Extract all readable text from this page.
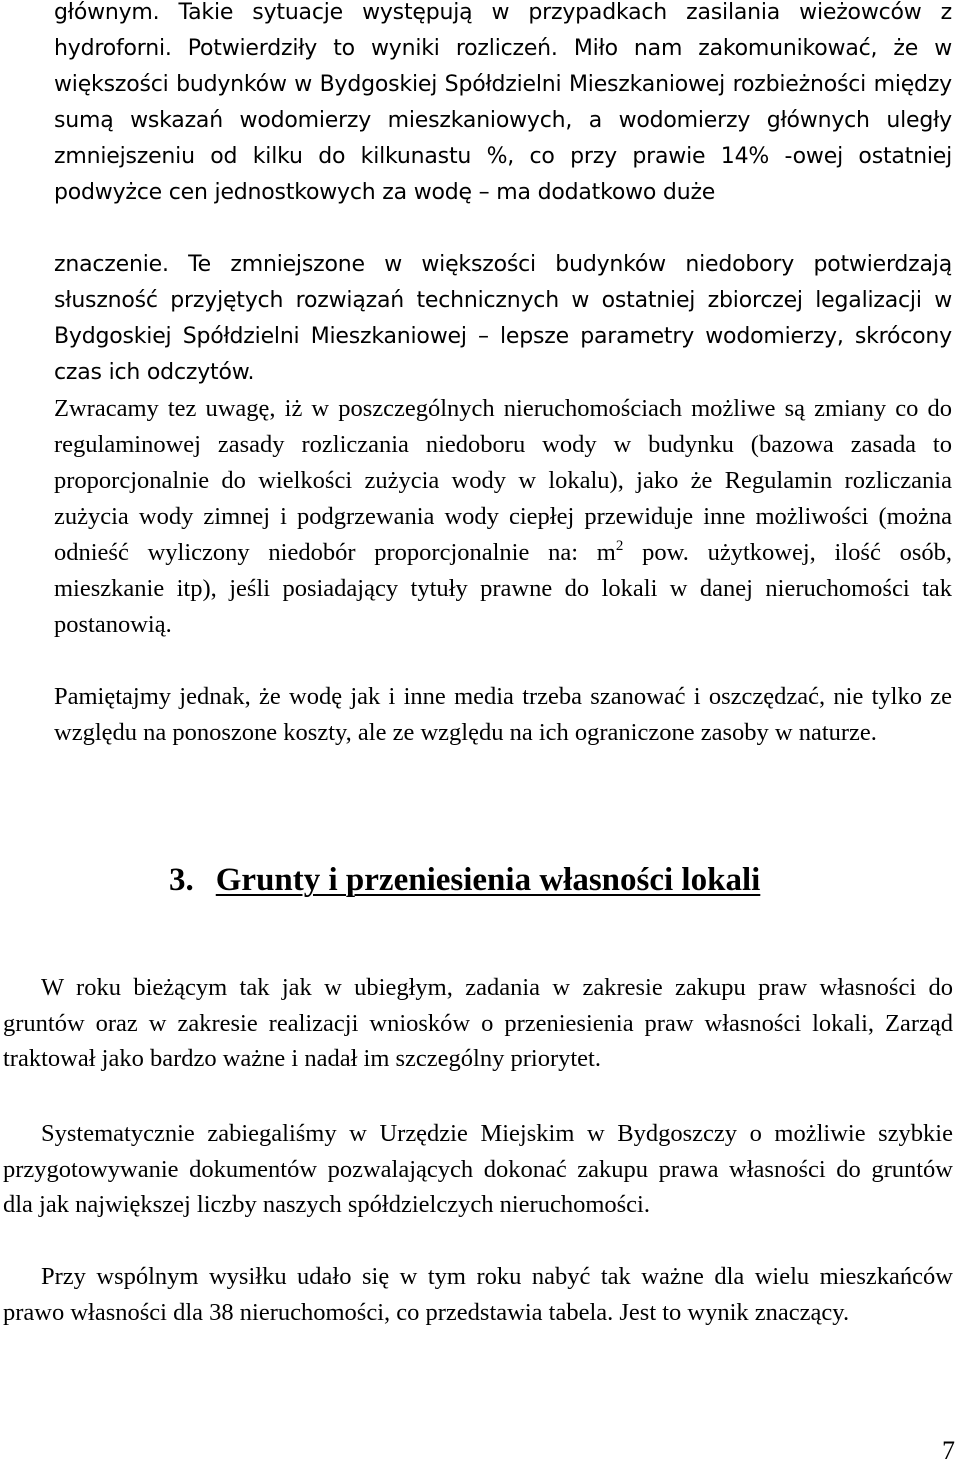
głównym. Takie sytuacje występują w przypadkach zasilania wieżowców z hydroforni. Potwierdziły to wyniki rozliczeń. Miło nam zakomunikować, że w większości budynków w Bydgoskiej Spółdzielni Mieszkaniowej rozbieżności między sumą wskazań wodomierzy mieszkaniowych, a wodomierzy głównych uległy zmniejszeniu od kilku do kilkunastu %, co przy prawie 14% -owej ostatniej podwyżce cen jednostkowych za wodę – ma dodatkowo duże

znaczenie. Te zmniejszone w większości budynków niedobory potwierdzają słuszność przyjętych rozwiązań technicznych w ostatniej zbiorczej legalizacji w Bydgoskiej Spółdzielni Mieszkaniowej – lepsze parametry wodomierzy, skrócony czas ich odczytów.

Zwracamy tez uwagę, iż w poszczególnych nieruchomościach możliwe są zmiany co do regulaminowej zasady rozliczania niedoboru wody w budynku (bazowa zasada to proporcjonalnie do wielkości zużycia wody w lokalu), jako że Regulamin rozliczania zużycia wody zimnej i podgrzewania wody ciepłej przewiduje inne możliwości (można odnieść wyliczony niedobór proporcjonalnie na: $m^2$ pow. użytkowej, ilość osób, mieszkanie itp), jeśli posiadający tytuły prawne do lokali w danej nieruchomości tak postanowią.

Pamiętajmy jednak, że wodę jak i inne media trzeba szanować i oszczędzać, nie tylko ze względu na ponoszone koszty, ale ze względu na ich ograniczone zasoby w naturze.

3. Grunty i przeniesienia własności lokali

W roku bieżącym tak jak w ubiegłym, zadania w zakresie zakupu praw własności do gruntów oraz w zakresie realizacji wniosków o przeniesienia praw własności lokali, Zarząd traktował jako bardzo ważne i nadał im szczególny priorytet.

Systematycznie zabiegaliśmy w Urzędzie Miejskim w Bydgoszczy o możliwie szybkie przygotowywanie dokumentów pozwalających dokonać zakupu prawa własności do gruntów dla jak największej liczby naszych spółdzielczych nieruchomości.

Przy wspólnym wysiłku udało się w tym roku nabyć tak ważne dla wielu mieszkańców prawo własności dla 38 nieruchomości, co przedstawia tabela. Jest to wynik znaczący.

7
